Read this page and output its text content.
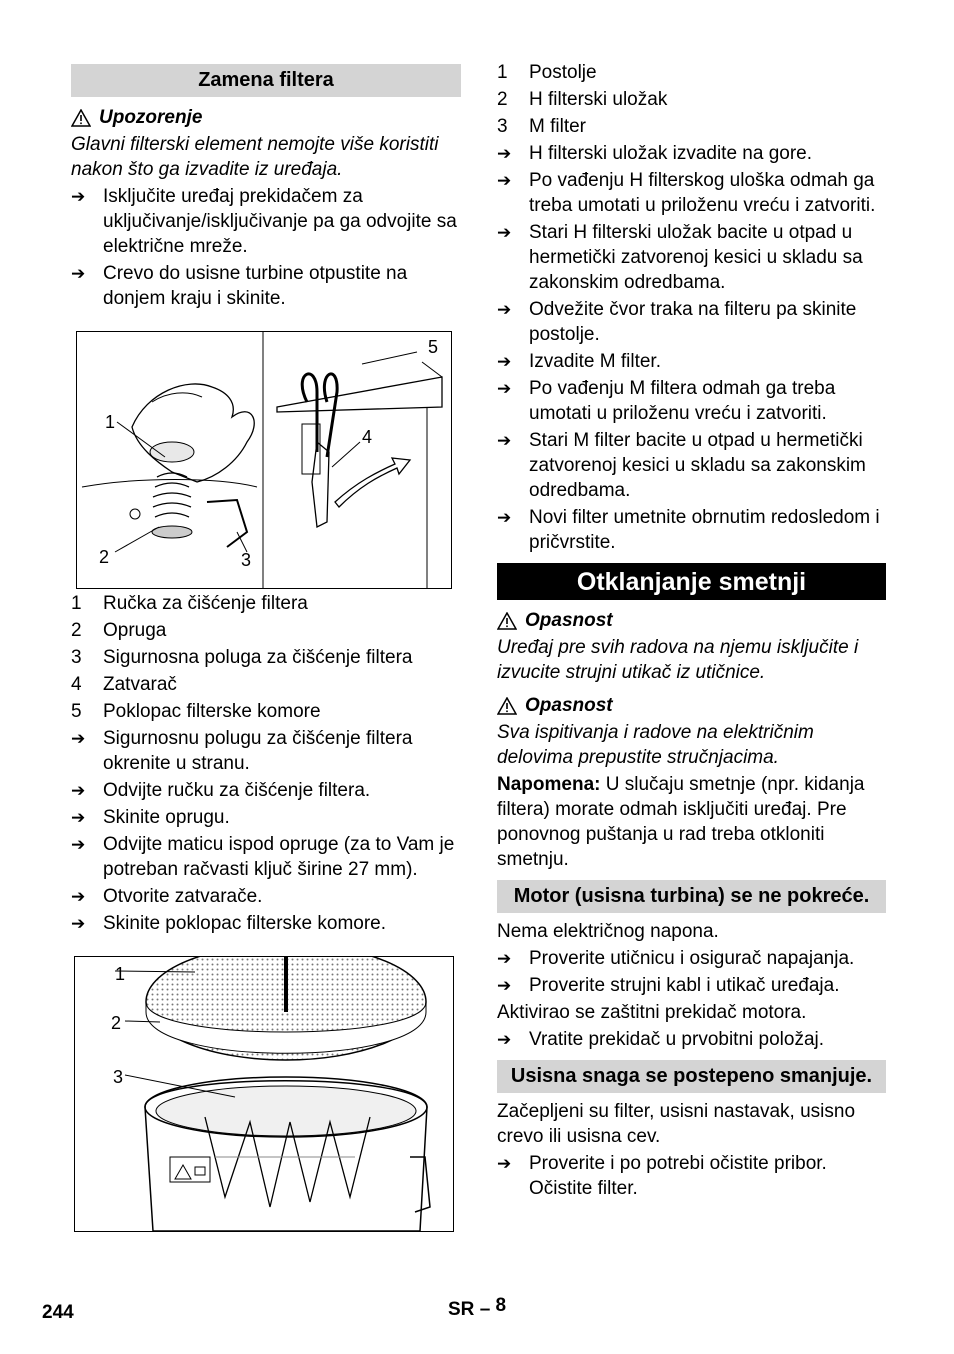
Zamena filtera
Upozorenje
Glavni filterski element nemojte više koristiti nakon što ga izvadite iz uređaja.
➔ Isključite uređaj prekidačem za uključivanje/isključivanje pa ga odvojite sa električne mreže.
➔ Crevo do usisne turbine otpustite na donjem kraju i skinite.
1
2	3
4
5
1	Ručka za čišćenje filtera
2	Opruga
3	Sigurnosna poluga za čišćenje filtera
4	Zatvarač
5	Poklopac filterske komore
➔ Sigurnosnu polugu za čišćenje filtera okrenite u stranu.
➔ Odvijte ručku za čišćenje filtera.
➔ Skinite oprugu.
➔ Odvijte maticu ispod opruge (za to Vam je potreban račvasti ključ širine 27 mm).
➔ Otvorite zatvarače.
➔ Skinite poklopac filterske komore.
1
2
3
1	Postolje
2	H filterski uložak
3	M filter
➔ H filterski uložak izvadite na gore.
➔ Po vađenju H filterskog uloška odmah ga treba umotati u priloženu vreću i zatvoriti.
➔ Stari H filterski uložak bacite u otpad u hermetički zatvorenoj kesici u skladu sa zakonskim odredbama.
➔ Odvežite čvor traka na filteru pa skinite postolje.
➔ Izvadite M filter.
➔ Po vađenju M filtera odmah ga treba umotati u priloženu vreću i zatvoriti.
➔ Stari M filter bacite u otpad u hermetički zatvorenoj kesici u skladu sa zakonskim odredbama.
➔ Novi filter umetnite obrnutim redosledom i pričvrstite.
Otklanjanje smetnji
Opasnost
Uređaj pre svih radova na njemu isključite i izvucite strujni utikač iz utičnice.
Opasnost
Sva ispitivanja i radove na električnim delovima prepustite stručnjacima.
Napomena: U slučaju smetnje (npr. kidanja filtera) morate odmah isključiti uređaj. Pre ponovnog puštanja u rad treba otkloniti smetnju.
Motor (usisna turbina) se ne pokreće.
Nema električnog napona.
➔ Proverite utičnicu i osigurač napajanja.
➔ Proverite strujni kabl i utikač uređaja.
Aktivirao se zaštitni prekidač motora.
➔ Vratite prekidač u prvobitni položaj.
Usisna snaga se postepeno smanjuje.
Začepljeni su filter, usisni nastavak, usisno crevo ili usisna cev.
➔ Proverite i po potrebi očistite pribor. Očistite filter.
244	SR – 8
